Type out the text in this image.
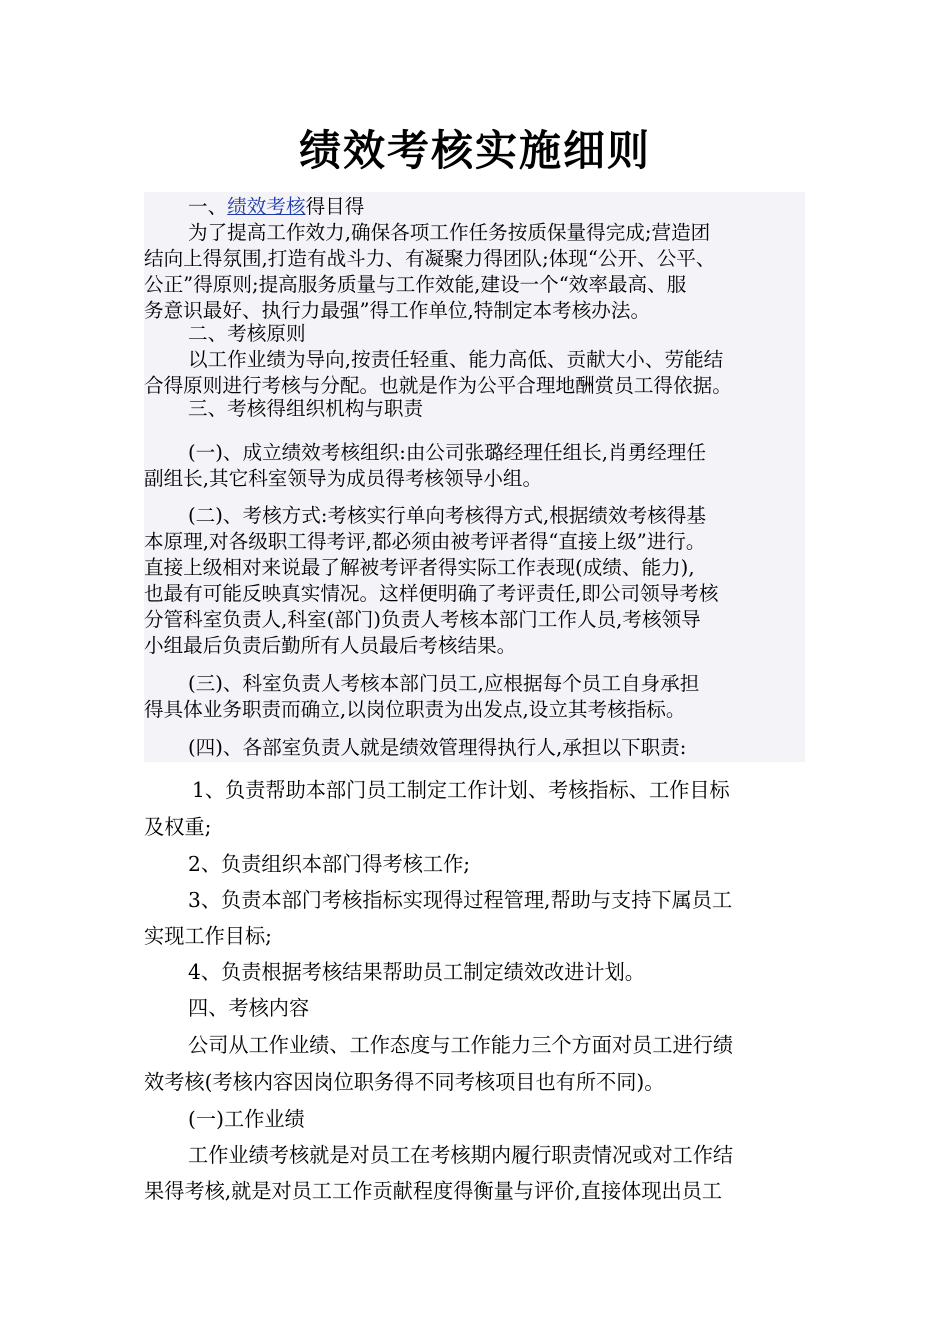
绩效考核实施细则
一、绩效考核得目得
为了提高工作效力,确保各项工作任务按质保量得完成;营造团
结向上得氛围,打造有战斗力、有凝聚力得团队;体现“公开、公平、
公正”得原则;提高服务质量与工作效能,建设一个“效率最高、服
务意识最好、执行力最强”得工作单位,特制定本考核办法。
二、考核原则
以工作业绩为导向,按责任轻重、能力高低、贡献大小、劳能结
合得原则进行考核与分配。也就是作为公平合理地酬赏员工得依据。
三、考核得组织机构与职责
(一)、成立绩效考核组织:由公司张璐经理任组长,肖勇经理任
副组长,其它科室领导为成员得考核领导小组。
(二)、考核方式:考核实行单向考核得方式,根据绩效考核得基
本原理,对各级职工得考评,都必须由被考评者得“直接上级”进行。
直接上级相对来说最了解被考评者得实际工作表现(成绩、能力),
也最有可能反映真实情况。这样便明确了考评责任,即公司领导考核
分管科室负责人,科室(部门)负责人考核本部门工作人员,考核领导
小组最后负责后勤所有人员最后考核结果。
(三)、科室负责人考核本部门员工,应根据每个员工自身承担
得具体业务职责而确立,以岗位职责为出发点,设立其考核指标。
(四)、各部室负责人就是绩效管理得执行人,承担以下职责:
1、负责帮助本部门员工制定工作计划、考核指标、工作目标
及权重;
2、负责组织本部门得考核工作;
3、负责本部门考核指标实现得过程管理,帮助与支持下属员工
实现工作目标;
4、负责根据考核结果帮助员工制定绩效改进计划。
四、考核内容
公司从工作业绩、工作态度与工作能力三个方面对员工进行绩
效考核(考核内容因岗位职务得不同考核项目也有所不同)。
(一)工作业绩
工作业绩考核就是对员工在考核期内履行职责情况或对工作结
果得考核,就是对员工工作贡献程度得衡量与评价,直接体现出员工
